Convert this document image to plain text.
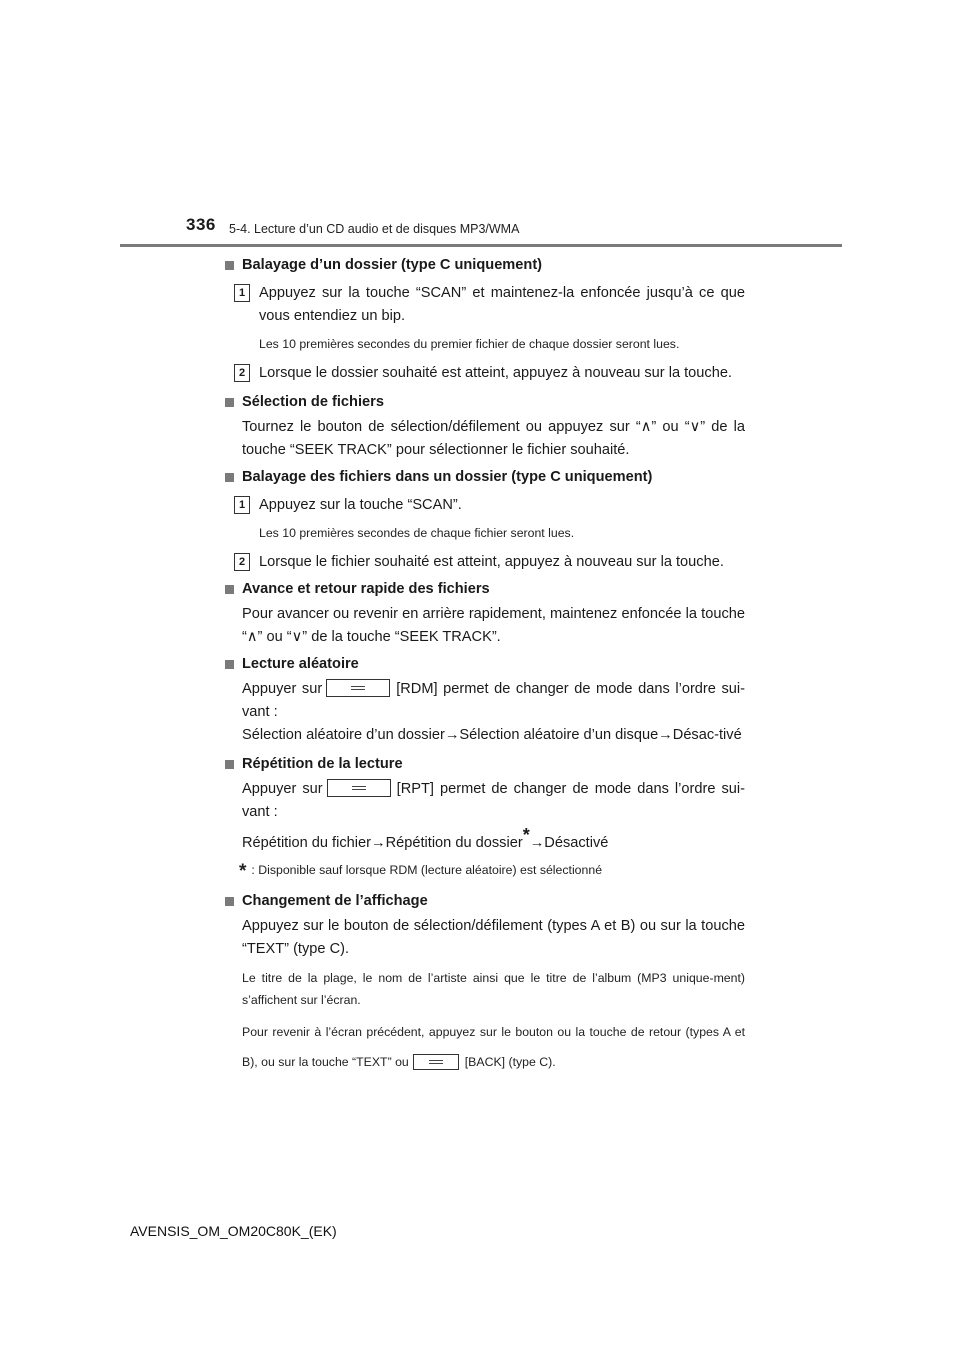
336 5-4. Lecture d’un CD audio et de disques MP3/WMA
Balayage d’un dossier (type C uniquement)
1 Appuyez sur la touche “SCAN” et maintenez-la enfoncée jusqu’à ce que vous entendiez un bip.
Les 10 premières secondes du premier fichier de chaque dossier seront lues.
2 Lorsque le dossier souhaité est atteint, appuyez à nouveau sur la touche.
Sélection de fichiers
Tournez le bouton de sélection/défilement ou appuyez sur “∧” ou “∨” de la touche “SEEK TRACK” pour sélectionner le fichier souhaité.
Balayage des fichiers dans un dossier (type C uniquement)
1 Appuyez sur la touche “SCAN”.
Les 10 premières secondes de chaque fichier seront lues.
2 Lorsque le fichier souhaité est atteint, appuyez à nouveau sur la touche.
Avance et retour rapide des fichiers
Pour avancer ou revenir en arrière rapidement, maintenez enfoncée la touche “∧” ou “∨” de la touche “SEEK TRACK”.
Lecture aléatoire
Appuyer sur	[RDM] permet de changer de mode dans l’ordre sui-vant :
Sélection aléatoire d’un dossier→Sélection aléatoire d’un disque→Désac-tivé
Répétition de la lecture
Appuyer sur	[RPT] permet de changer de mode dans l’ordre sui-vant :
Répétition du fichier→Répétition du dossier*→Désactivé
* : Disponible sauf lorsque RDM (lecture aléatoire) est sélectionné
Changement de l’affichage
Appuyez sur le bouton de sélection/défilement (types A et B) ou sur la touche “TEXT” (type C).
Le titre de la plage, le nom de l’artiste ainsi que le titre de l’album (MP3 unique-ment) s’affichent sur l’écran.
Pour revenir à l’écran précédent, appuyez sur le bouton ou la touche de retour (types A et B), ou sur la touche “TEXT” ou	[BACK] (type C).
AVENSIS_OM_OM20C80K_(EK)
